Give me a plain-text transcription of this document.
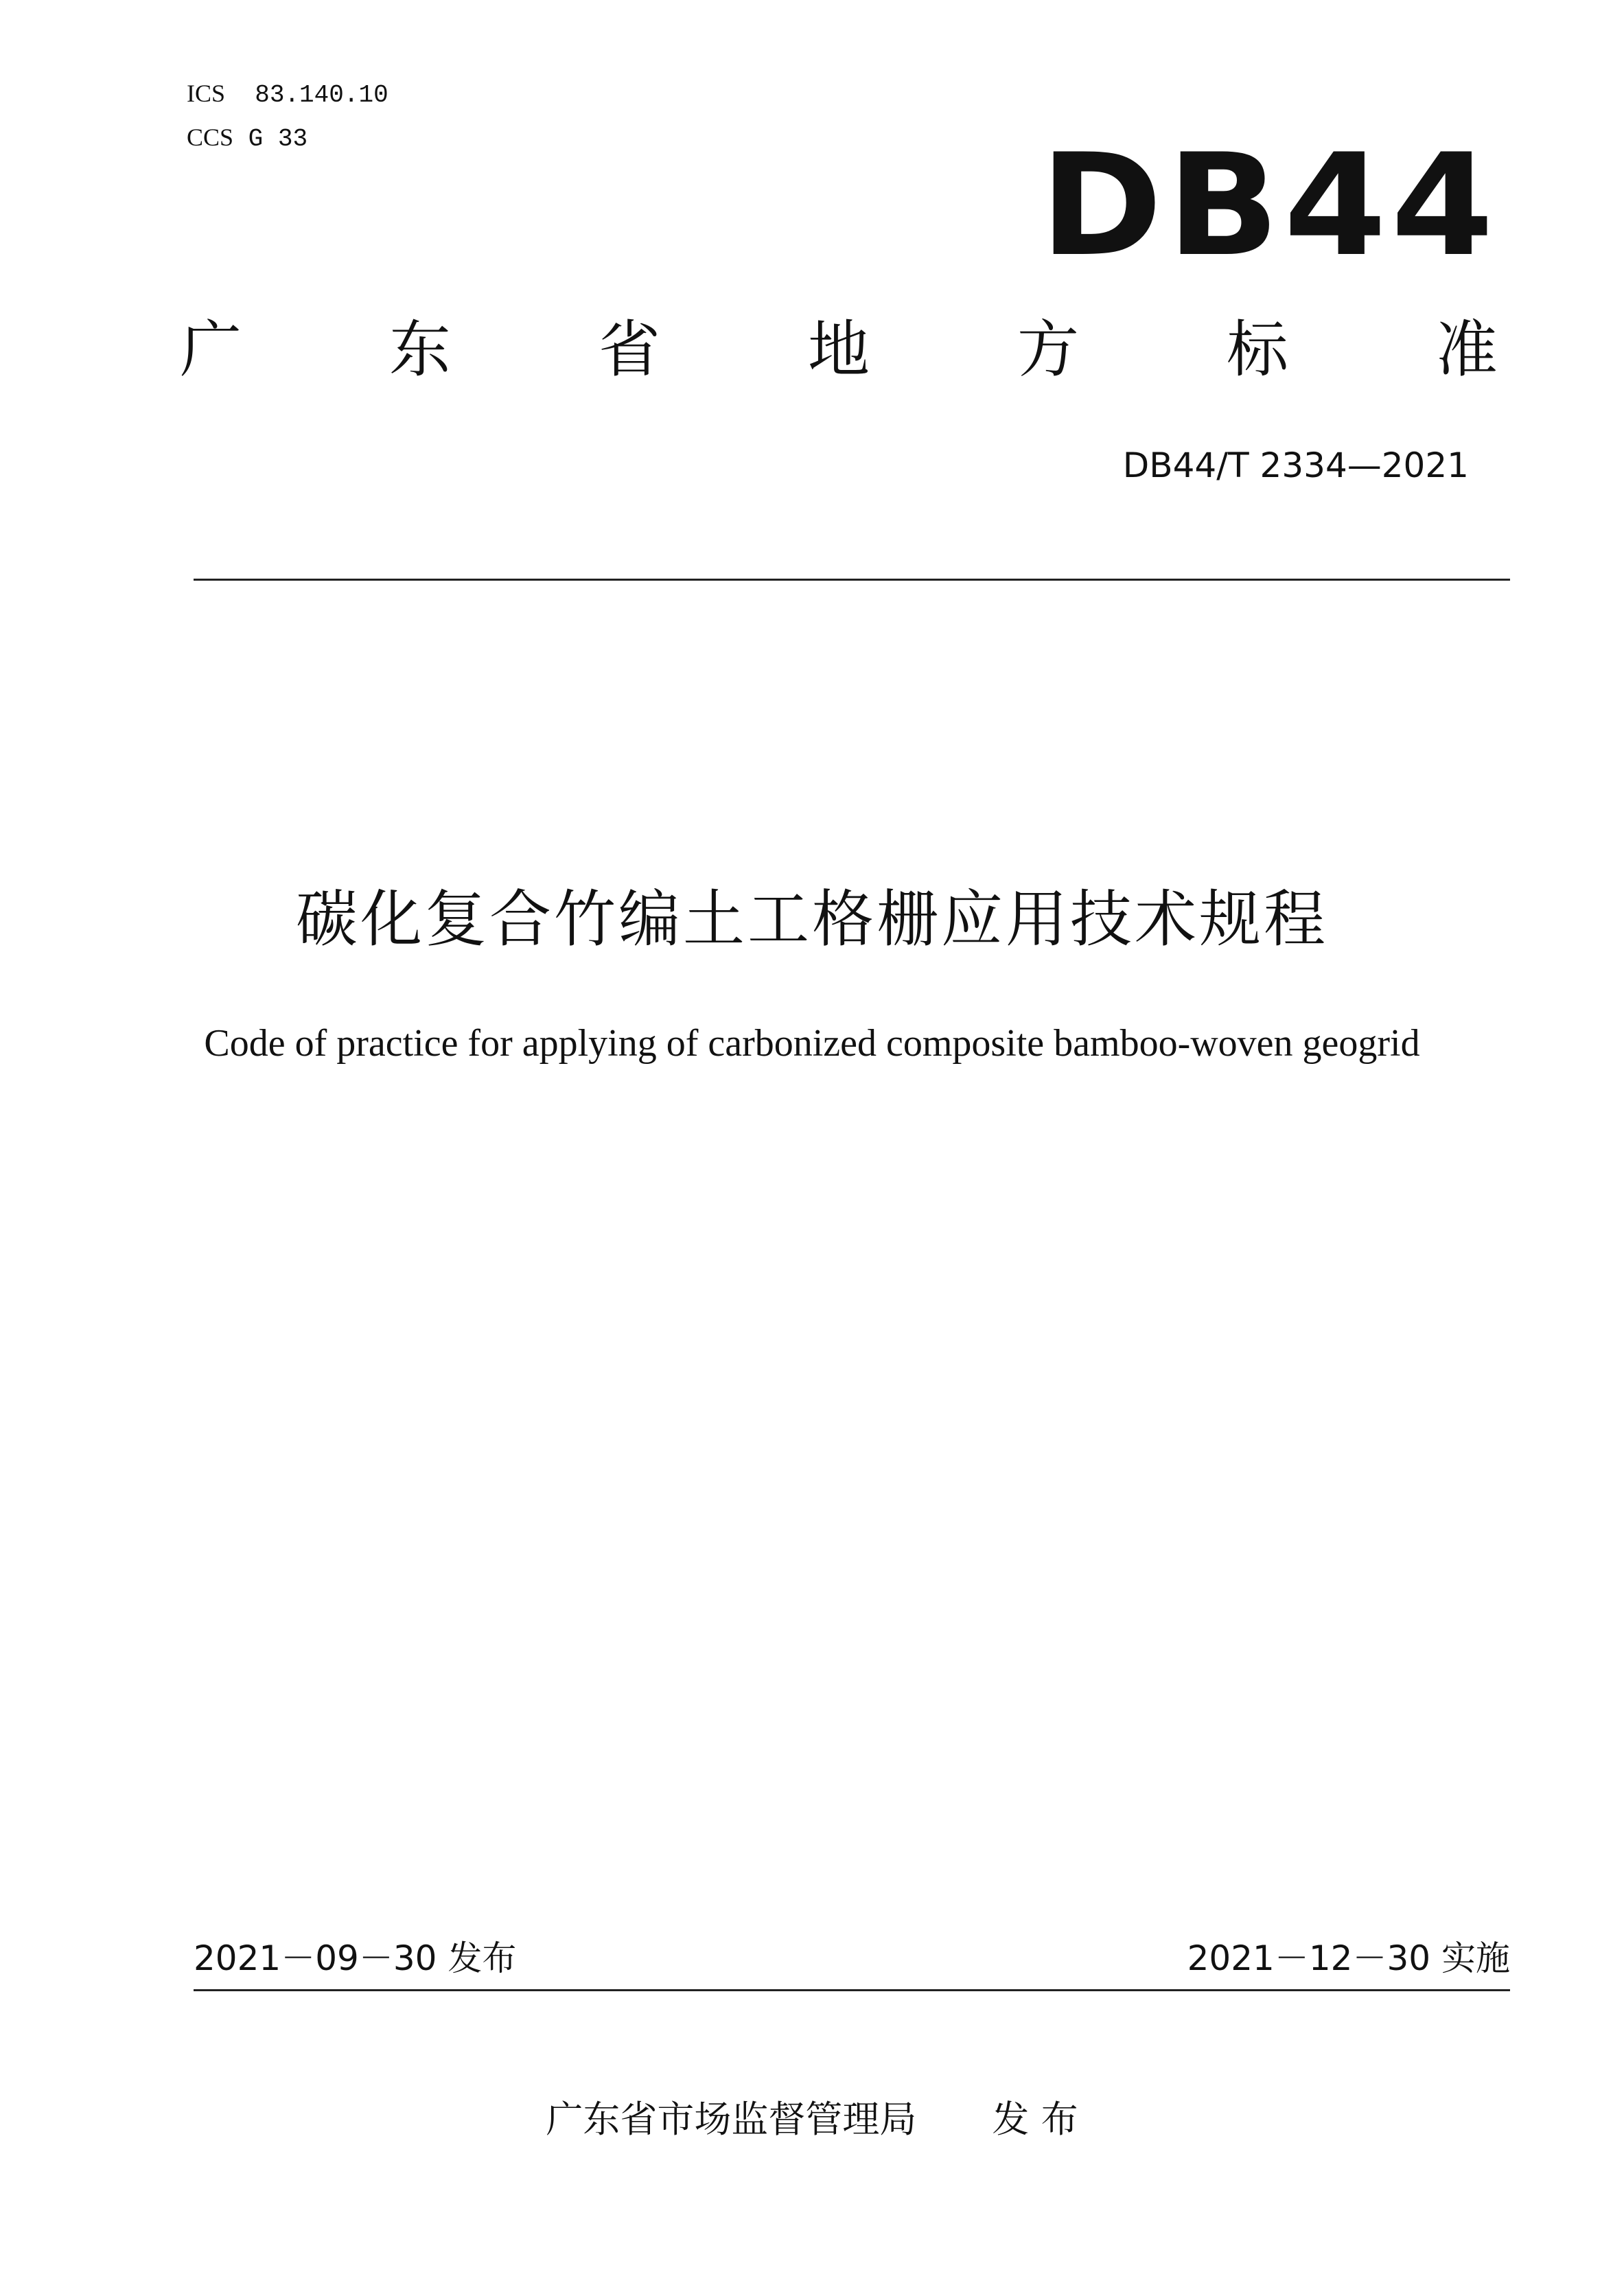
ICS 83.140.10
CCS G 33	DB44
广 东 省 地 方 标 准
DB44/T 2334—2021
碳化复合竹编土工格栅应用技术规程
Code of practice for applying of carbonized composite bamboo-woven geogrid
2021－09－30 发布	2021－12－30 实施
广东省市场监督管理局 发 布
